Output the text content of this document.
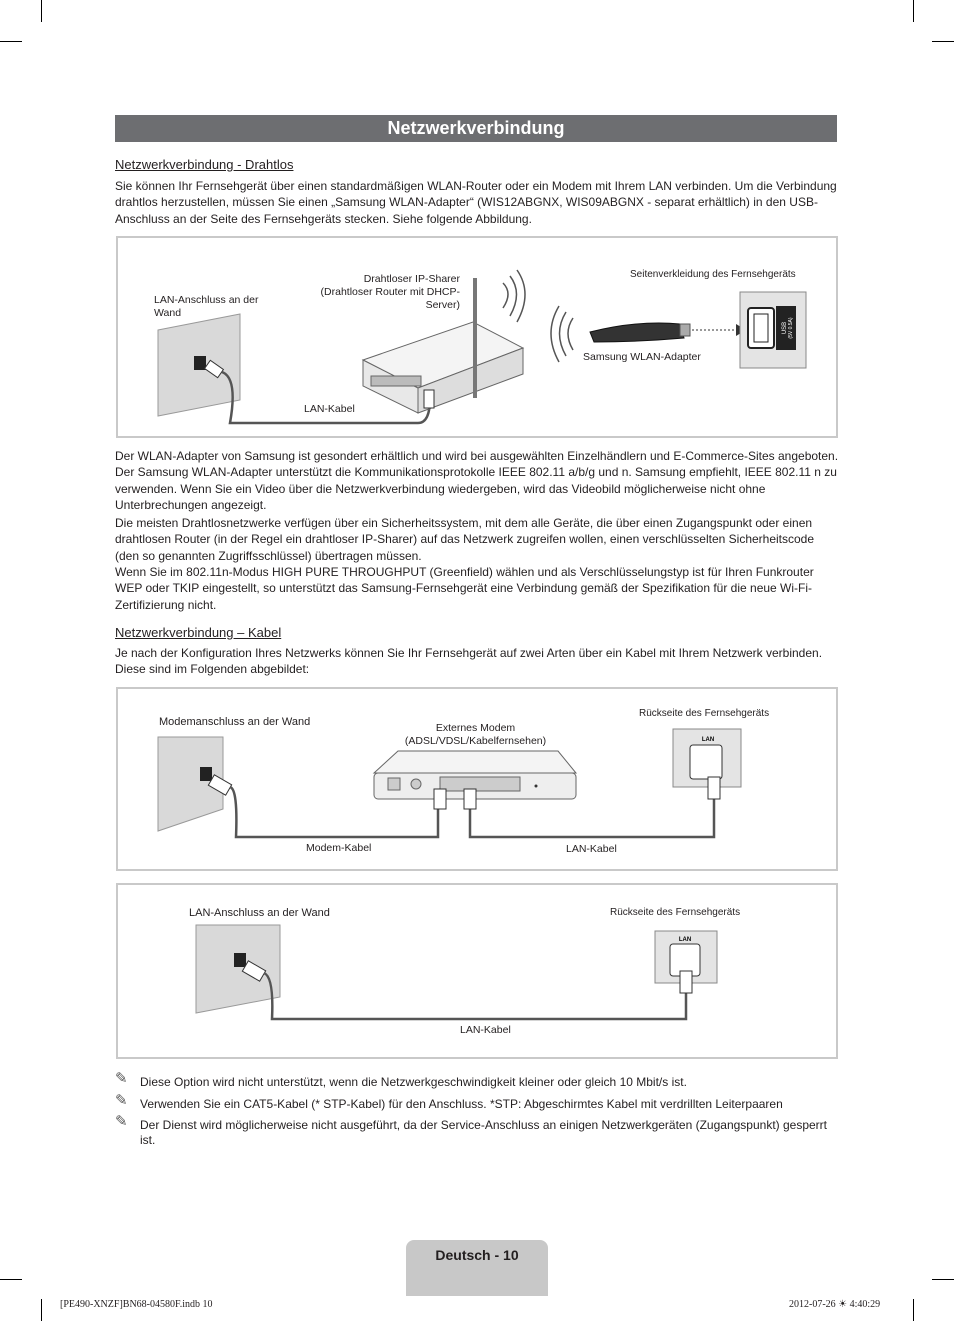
Netzwerkverbindung
Netzwerkverbindung - Drahtlos

Sie können Ihr Fernsehgerät über einen standardmäßigen WLAN-Router oder ein Modem mit Ihrem LAN verbinden. Um die Verbindung drahtlos herzustellen, müssen Sie einen „Samsung WLAN-Adapter“ (WIS12ABGNX, WIS09ABGNX - separat erhältlich) in den USB-Anschluss an der Seite des Fernsehgeräts stecken. Siehe folgende Abbildung.

USB (5V 0.5A)
LAN-Anschluss an der Wand
Drahtloser IP-Sharer
(Drahtloser Router mit DHCP-
Server)
LAN-Kabel
Seitenverkleidung des Fernsehgeräts
Samsung WLAN-Adapter

Der WLAN-Adapter von Samsung ist gesondert erhältlich und wird bei ausgewählten Einzelhändlern und E-Commerce-Sites angeboten. Der Samsung WLAN-Adapter unterstützt die Kommunikationsprotokolle IEEE 802.11 a/b/g und n. Samsung empfiehlt, IEEE 802.11 n zu verwenden. Wenn Sie ein Video über die Netzwerkverbindung wiedergeben, wird das Videobild möglicherweise nicht ohne Unterbrechungen angezeigt.

Die meisten Drahtlosnetzwerke verfügen über ein Sicherheitssystem, mit dem alle Geräte, die über einen Zugangspunkt oder einen drahtlosen Router (in der Regel ein drahtloser IP-Sharer) auf das Netzwerk zugreifen wollen, einen verschlüsselten Sicherheitscode (den so genannten Zugriffsschlüssel) übertragen müssen.

Wenn Sie im 802.11n-Modus HIGH PURE THROUGHPUT (Greenfield) wählen und als Verschlüsselungstyp ist für Ihren Funkrouter WEP oder TKIP eingestellt, so unterstützt das Samsung-Fernsehgerät eine Verbindung gemäß der Spezifikation für die neue Wi-Fi-Zertifizierung nicht.

Netzwerkverbindung – Kabel

Je nach der Konfiguration Ihres Netzwerks können Sie Ihr Fernsehgerät auf zwei Arten über ein Kabel mit Ihrem Netzwerk verbinden. Diese sind im Folgenden abgebildet:

LAN
Modemanschluss an der Wand	Externes Modem
(ADSL/VDSL/Kabelfernsehen)
Rückseite des Fernsehgeräts
Modem-Kabel	LAN-Kabel
LAN
LAN-Anschluss an der Wand	Rückseite des Fernsehgeräts
LAN-Kabel
✎ Diese Option wird nicht unterstützt, wenn die Netzwerkgeschwindigkeit kleiner oder gleich 10 Mbit/s ist.
✎ Verwenden Sie ein CAT5-Kabel (* STP-Kabel) für den Anschluss. *STP: Abgeschirmtes Kabel mit verdrillten Leiterpaaren
✎ Der Dienst wird möglicherweise nicht ausgeführt, da der Service-Anschluss an einigen Netzwerkgeräten (Zugangspunkt) gesperrt ist.
Deutsch - 10
[PE490-XNZF]BN68-04580F.indb 10	2012-07-26 ☀ 4:40:29
